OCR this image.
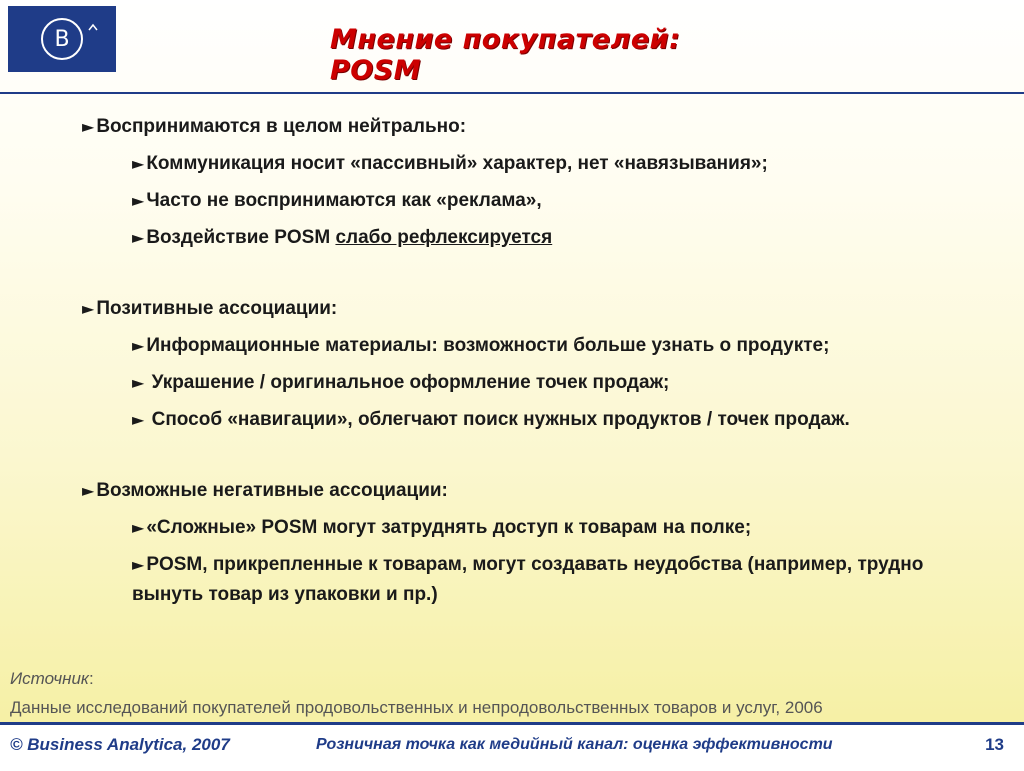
B	Мнение покупателей: POSM
► Воспринимаются в целом нейтрально:
► Коммуникация носит «пассивный» характер, нет «навязывания»;
► Часто не воспринимаются как «реклама»,
► Воздействие POSM слабо рефлексируется
► Позитивные ассоциации:
► Информационные материалы: возможности больше узнать о продукте;
► Украшение / оригинальное оформление точек продаж;
► Способ «навигации», облегчают поиск нужных продуктов / точек продаж.
► Возможные негативные ассоциации:
► «Сложные» POSM могут затруднять доступ к товарам на полке;
► POSM, прикрепленные к товарам, могут создавать неудобства (например, трудно вынуть товар из упаковки и пр.)
Источник:
Данные исследований покупателей продовольственных и непродовольственных товаров и услуг, 2006
© Business Analytica, 2007	Розничная точка как медийный канал: оценка эффективности	13
